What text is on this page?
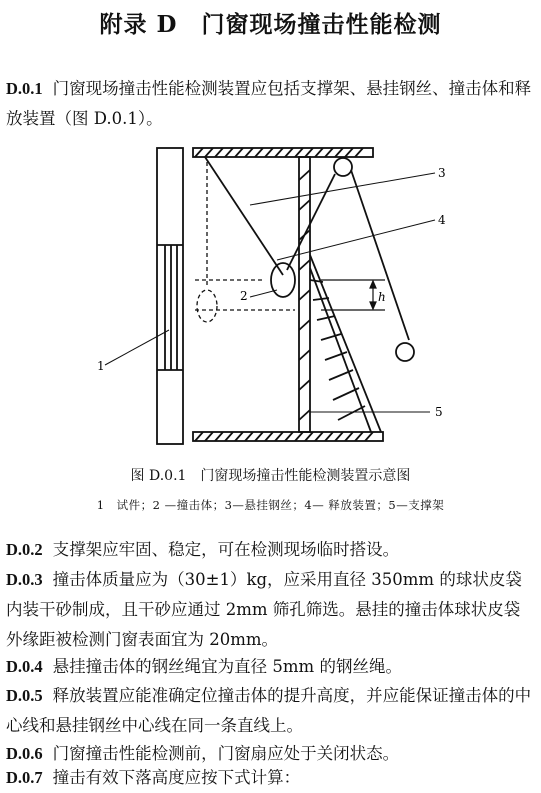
附录 D　门窗现场撞击性能检测
D.0.1 门窗现场撞击性能检测装置应包括支撑架、悬挂钢丝、撞击体和释放装置（图 D.0.1）。
1
2
3
4
5
h
图 D.0.1　门窗现场撞击性能检测装置示意图
1　试件；2 —撞击体；3—悬挂钢丝；4— 释放装置；5—支撑架
D.0.2 支撑架应牢固、稳定，可在检测现场临时搭设。
D.0.3 撞击体质量应为（30±1）kg，应采用直径 350mm 的球状皮袋内装干砂制成，且干砂应通过 2mm 筛孔筛选。悬挂的撞击体球状皮袋外缘距被检测门窗表面宜为 20mm。
D.0.4 悬挂撞击体的钢丝绳宜为直径 5mm 的钢丝绳。
D.0.5 释放装置应能准确定位撞击体的提升高度，并应能保证撞击体的中心线和悬挂钢丝中心线在同一条直线上。
D.0.6 门窗撞击性能检测前，门窗扇应处于关闭状态。
D.0.7 撞击有效下落高度应按下式计算：
